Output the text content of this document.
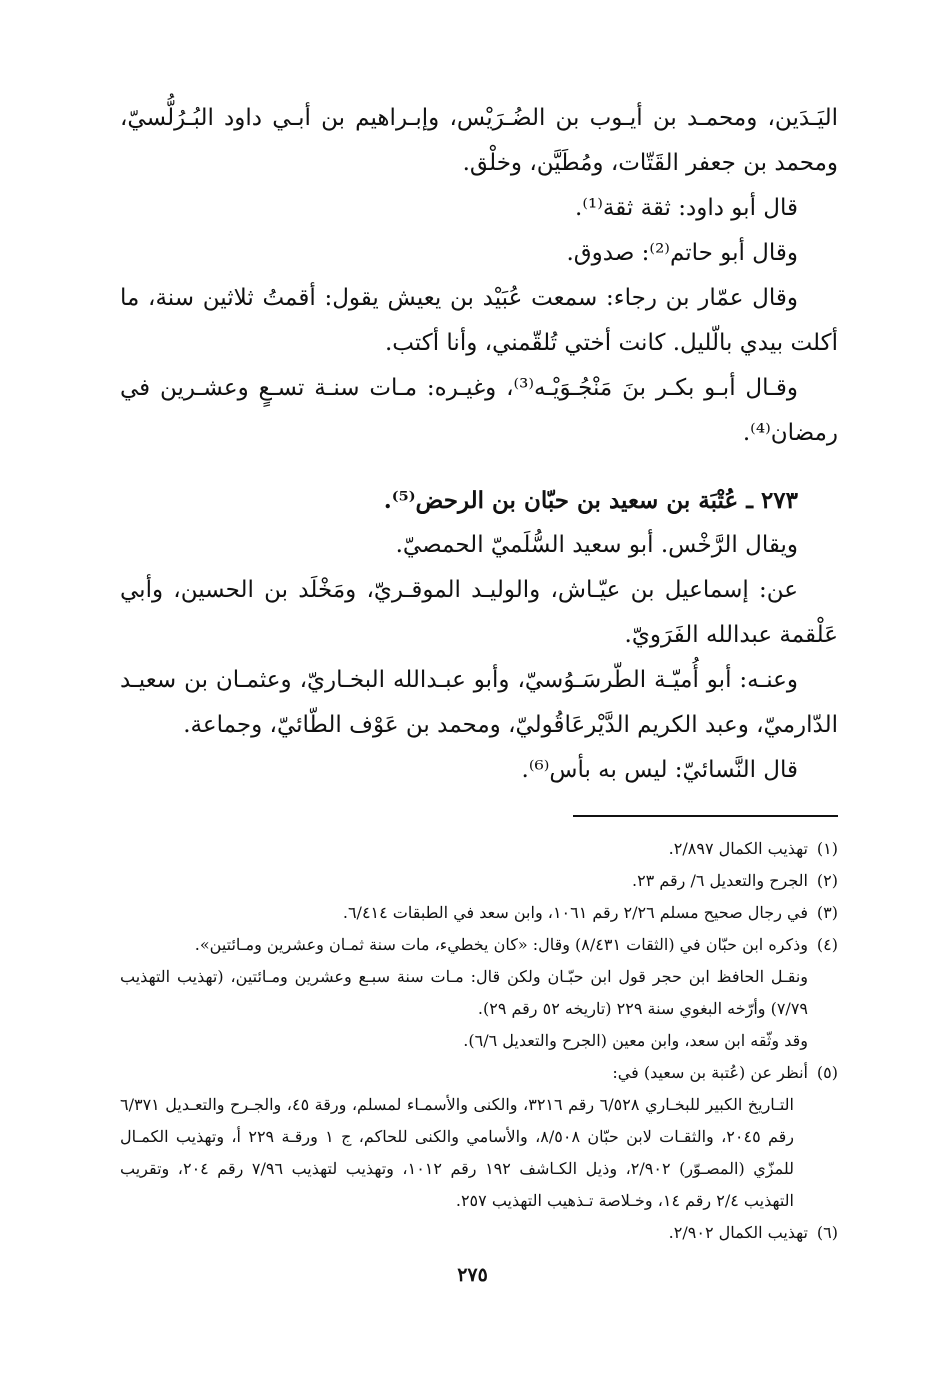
اليَـدَين، ومحمـد بن أيـوب بن الضُـرَيْس، وإبـراهيم بن أبـي داود البُـرُلُّسيّ، ومحمد بن جعفر القَتّات، ومُطَيَّن، وخلْق.

قال أبو داود: ثقة ثقة⁽¹⁾.

وقال أبو حاتم⁽²⁾: صدوق.

وقال عمّار بن رجاء: سمعت عُبَيْد بن يعيش يقول: أقمتُ ثلاثين سنة، ما أكلت بيدي بالّليل. كانت أختي تُلقّمني، وأنا أكتب.

وقـال أبـو بكـر بنَ مَنْجُـوَيْـه⁽³⁾، وغيـره: مـات سنـة تسـعٍ وعشـرين في رمضان⁽⁴⁾.

٢٧٣ ـ عُتْبَة بن سعيد بن حبّان بن الرحض⁽⁵⁾.

ويقال الرَّخْس. أبو سعيد السُّلَميّ الحمصيّ.

عن: إسماعيل بن عيّـاش، والوليـد الموقـريّ، ومَخْلَد بن الحسين، وأبي عَلْقمة عبدالله الفَرَويّ.

وعنـه: أبو أُميّـة الطّرسَـوُسيّ، وأبو عبـدالله البخـاريّ، وعثمـان بن سعيـد الدّارميّ، وعبد الكريم الدَّيْرعَاقُوليّ، ومحمد بن عَوْف الطّائيّ، وجماعة.

قال النَّسائيّ: ليس به بأس⁽⁶⁾.

(١)
تهذيب الكمال ٢/٨٩٧.
(٢)
الجرح والتعديل ٦/ رقم ٢٣.
(٣)
في رجال صحيح مسلم ٢/٢٦ رقم ١٠٦١، وابن سعد في الطبقات ٦/٤١٤.
(٤)
وذكره ابن حبّان في (الثقات ٨/٤٣١) وقال: «كان يخطيء، مات سنة ثمـان وعشرين ومـائتين».
ونقـل الحافظ ابن حجر قول ابن حبّـان ولكن قال: مـات سنة سبـع وعشرين ومـائتين، (تهذيب التهذيب ٧/٧٩) وأرّخه البغوي سنة ٢٢٩ (تاريخه ٥٢ رقم ٢٩).
وقد وثّقه ابن سعد، وابن معين (الجرح والتعديل ٦/٦).
(٥)
أنظر عن (عُتبة بن سعيد) في:
التـاريخ الكبير للبخـاري ٦/٥٢٨ رقم ٣٢١٦، والكنى والأسمـاء لمسلم، ورقة ٤٥، والجـرح والتعـديل ٦/٣٧١ رقم ٢٠٤٥، والثقـات لابن حبّان ٨/٥٠٨، والأسامي والكنى للحاكم، ج ١ ورقـة ٢٢٩ أ، وتهذيب الكمـال للمزّي (المصـوّر) ٢/٩٠٢، وذيل الكـاشف ١٩٢ رقم ١٠١٢، وتهذيب لتهذيب ٧/٩٦ رقم ٢٠٤، وتقريب التهذيب ٢/٤ رقم ١٤، وخـلاصة تـذهيب التهذيب ٢٥٧.
(٦)
تهذيب الكمال ٢/٩٠٢.
٢٧٥
